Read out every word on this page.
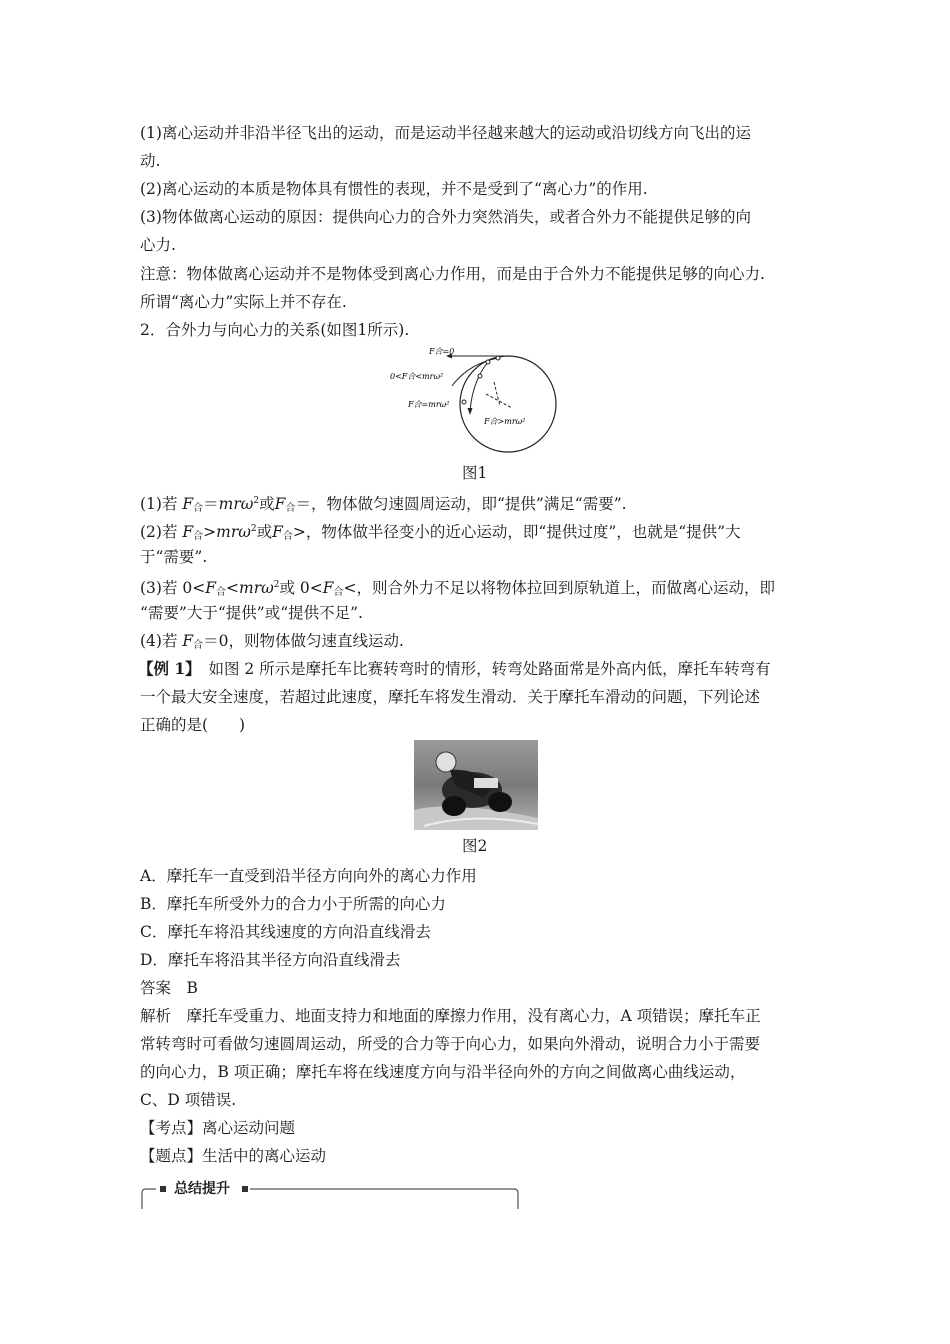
(1)离心运动并非沿半径飞出的运动，而是运动半径越来越大的运动或沿切线方向飞出的运
动.
(2)离心运动的本质是物体具有惯性的表现，并不是受到了“离心力”的作用.
(3)物体做离心运动的原因：提供向心力的合外力突然消失，或者合外力不能提供足够的向
心力.
注意：物体做离心运动并不是物体受到离心力作用，而是由于合外力不能提供足够的向心力.
所谓“离心力”实际上并不存在.
2．合外力与向心力的关系(如图1所示).
F合=0
0<F合<mrω²
F合=mrω²
F合>mrω²
图1
(1)若 $F_合=mr\omega^2$或$F_合=$，物体做匀速圆周运动，即“提供”满足“需要”.
(2)若 $F_合>mr\omega^2$或$F_合>$，物体做半径变小的近心运动，即“提供过度”，也就是“提供”大
于“需要”.
(3)若 $0<F_合<mr\omega^2$或 $0<F_合<$，则合外力不足以将物体拉回到原轨道上，而做离心运动，即
“需要”大于“提供”或“提供不足”.
(4)若 $F_合=0$，则物体做匀速直线运动.
【例 1】　 如图 2 所示是摩托车比赛转弯时的情形，转弯处路面常是外高内低，摩托车转弯有
一个最大安全速度，若超过此速度，摩托车将发生滑动．关于摩托车滑动的问题，下列论述
正确的是(　　)
图2
A．摩托车一直受到沿半径方向向外的离心力作用
B．摩托车所受外力的合力小于所需的向心力
C．摩托车将沿其线速度的方向沿直线滑去
D．摩托车将沿其半径方向沿直线滑去
答案　B
解析　摩托车受重力、地面支持力和地面的摩擦力作用，没有离心力，A 项错误；摩托车正
常转弯时可看做匀速圆周运动，所受的合力等于向心力，如果向外滑动，说明合力小于需要
的向心力，B 项正确；摩托车将在线速度方向与沿半径向外的方向之间做离心曲线运动，
C、D 项错误.
【考点】离心运动问题
【题点】生活中的离心运动
总结提升
